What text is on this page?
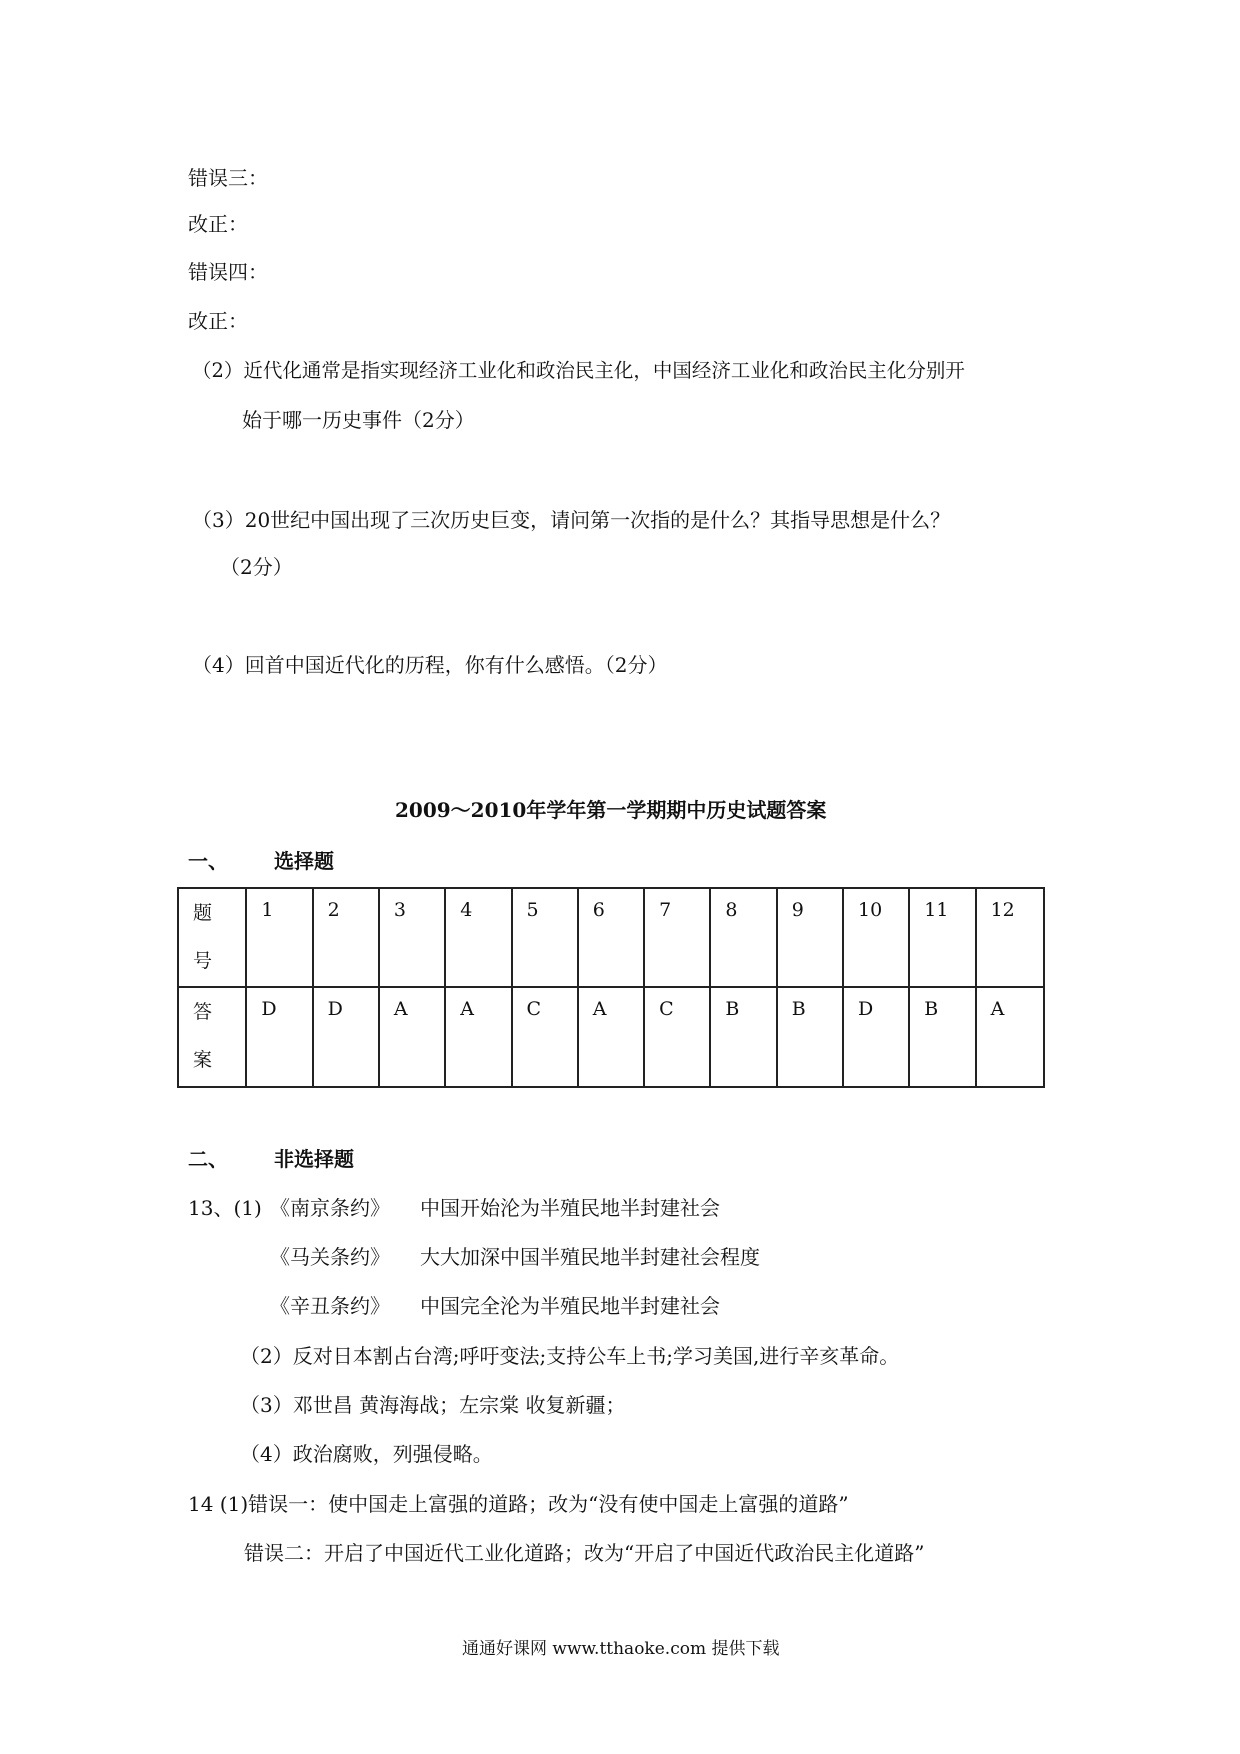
错误三：
改正：
错误四：
改正：
（2）近代化通常是指实现经济工业化和政治民主化，中国经济工业化和政治民主化分别开
始于哪一历史事件（2分）
（3）20世纪中国出现了三次历史巨变，请问第一次指的是什么？其指导思想是什么？
（2分）
（4）回首中国近代化的历程，你有什么感悟。（2分）
2009～2010年学年第一学期期中历史试题答案
一、 选择题
题号	1	2	3	4	5	6	7	8	9	10	11	12

答案	D	D	A	A	C	A	C	B	B	D	B	A
二、 非选择题
13、(1) 《南京条约》 中国开始沦为半殖民地半封建社会
《马关条约》 大大加深中国半殖民地半封建社会程度
《辛丑条约》 中国完全沦为半殖民地半封建社会
（2）反对日本割占台湾;呼吁变法;支持公车上书;学习美国,进行辛亥革命。
（3）邓世昌 黄海海战；左宗棠 收复新疆；
（4）政治腐败，列强侵略。
14 (1)错误一：使中国走上富强的道路；改为“没有使中国走上富强的道路”
错误二：开启了中国近代工业化道路；改为“开启了中国近代政治民主化道路”
通通好课网 www.tthaoke.com 提供下载
